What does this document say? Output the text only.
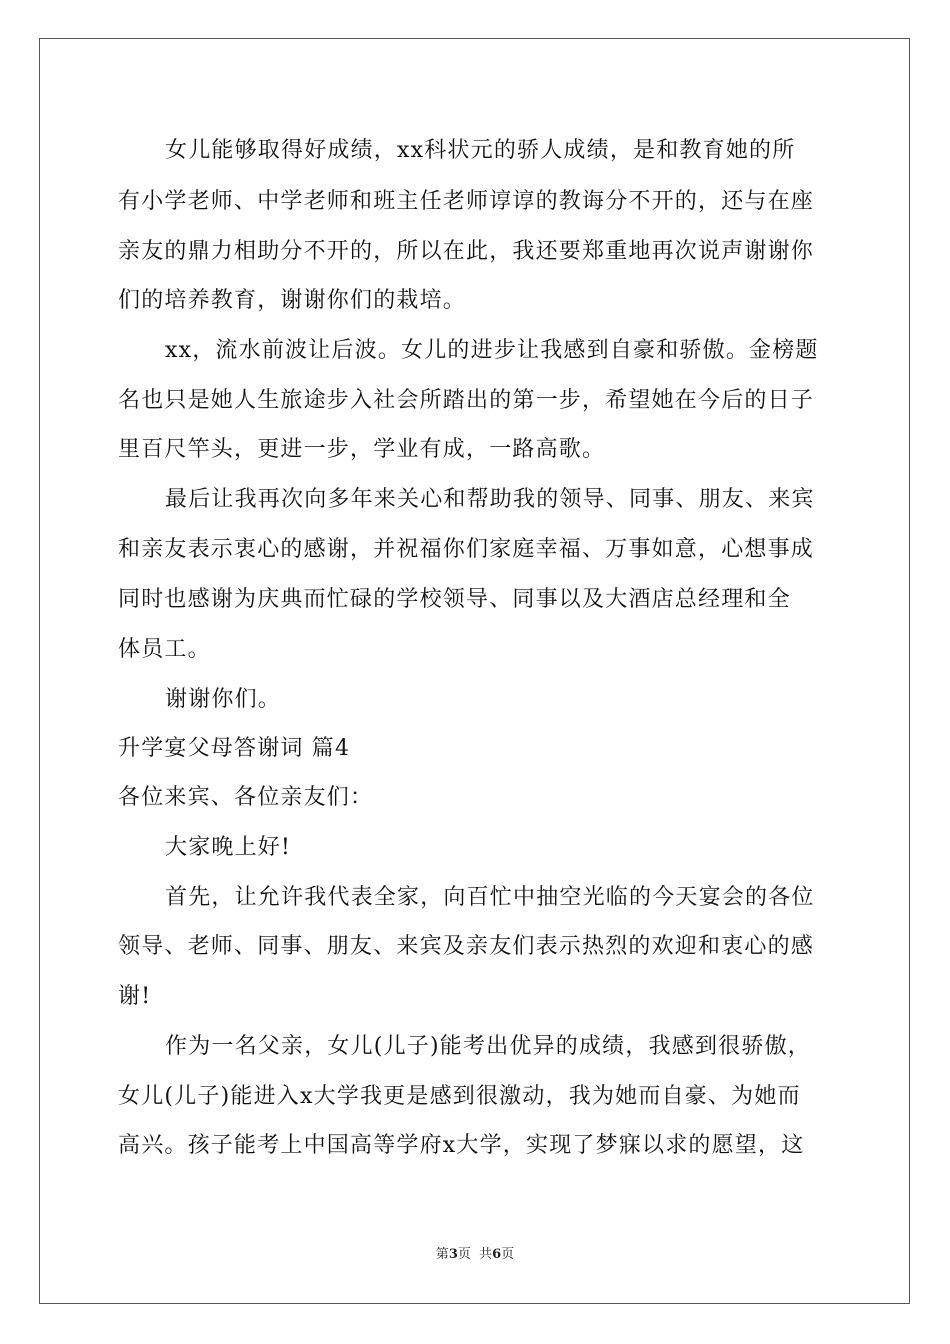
女儿能够取得好成绩，xx科状元的骄人成绩，是和教育她的所
有小学老师、中学老师和班主任老师谆谆的教诲分不开的，还与在座
亲友的鼎力相助分不开的，所以在此，我还要郑重地再次说声谢谢你
们的培养教育，谢谢你们的栽培。
xx，流水前波让后波。女儿的进步让我感到自豪和骄傲。金榜题
名也只是她人生旅途步入社会所踏出的第一步，希望她在今后的日子
里百尺竿头，更进一步，学业有成，一路高歌。
最后让我再次向多年来关心和帮助我的领导、同事、朋友、来宾
和亲友表示衷心的感谢，并祝福你们家庭幸福、万事如意，心想事成
同时也感谢为庆典而忙碌的学校领导、同事以及大酒店总经理和全
体员工。
谢谢你们。
升学宴父母答谢词 篇4
各位来宾、各位亲友们：
大家晚上好!
首先，让允许我代表全家，向百忙中抽空光临的今天宴会的各位
领导、老师、同事、朋友、来宾及亲友们表示热烈的欢迎和衷心的感
谢!
作为一名父亲，女儿(儿子)能考出优异的成绩，我感到很骄傲，
女儿(儿子)能进入x大学我更是感到很激动，我为她而自豪、为她而
高兴。孩子能考上中国高等学府x大学，实现了梦寐以求的愿望，这
第3页  共6页
